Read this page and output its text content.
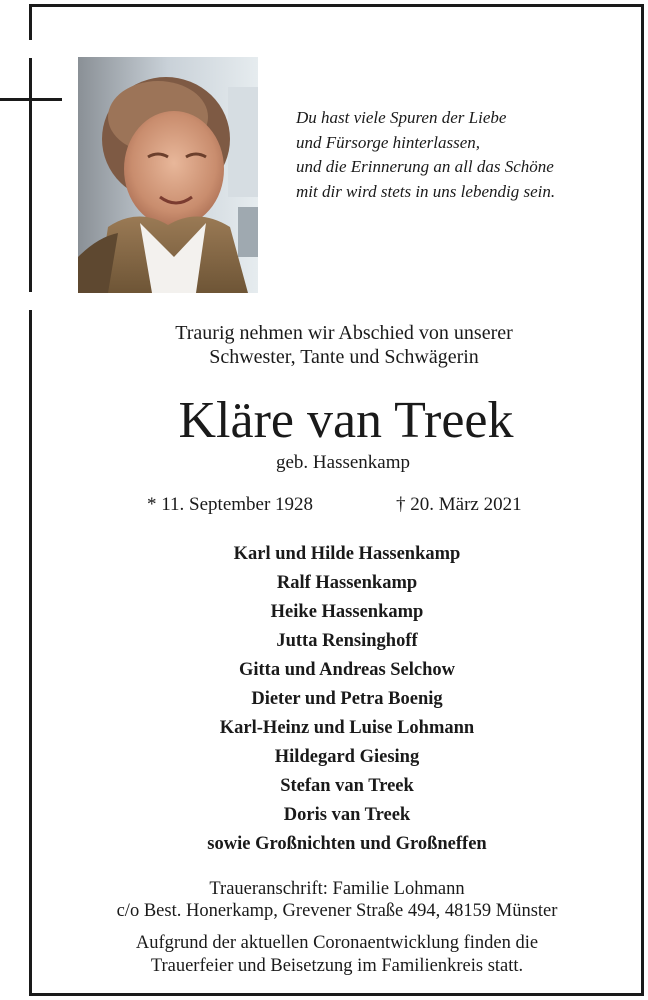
Du hast viele Spuren der Liebe
und Fürsorge hinterlassen,
und die Erinnerung an all das Schöne
mit dir wird stets in uns lebendig sein.
Traurig nehmen wir Abschied von unserer
Schwester, Tante und Schwägerin
Kläre van Treek
geb. Hassenkamp
* 11. September 1928	† 20. März 2021
Karl und Hilde Hassenkamp
Ralf Hassenkamp
Heike Hassenkamp
Jutta Rensinghoff
Gitta und Andreas Selchow
Dieter und Petra Boenig
Karl-Heinz und Luise Lohmann
Hildegard Giesing
Stefan van Treek
Doris van Treek
sowie Großnichten und Großneffen
Traueranschrift: Familie Lohmann
c/o Best. Honerkamp, Grevener Straße 494, 48159 Münster
Aufgrund der aktuellen Coronaentwicklung finden die
Trauerfeier und Beisetzung im Familienkreis statt.
